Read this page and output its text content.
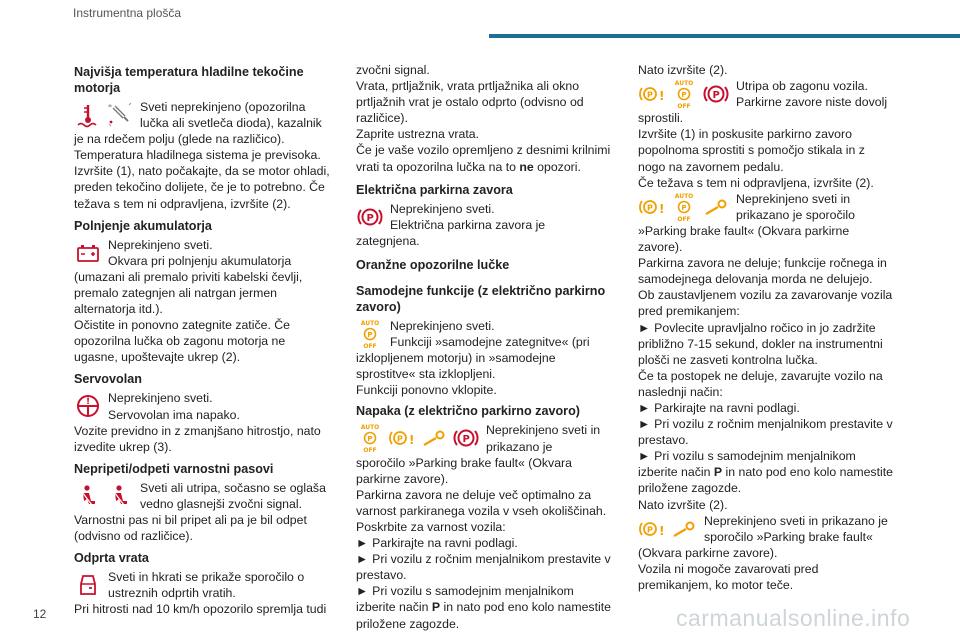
Instrumentna plošča
Najvišja temperatura hladilne tekočine motorja

Sveti neprekinjeno (opozorilna

lučka ali svetleča dioda), kazalnik

je na rdečem polju (glede na različico).
Temperatura hladilnega sistema je previsoka.
Izvršite (1), nato počakajte, da se motor ohladi, preden tekočino dolijete, če je to potrebno. Če težava s tem ni odpravljena, izvršite (2).

Polnjenje akumulatorja

Neprekinjeno sveti.

Okvara pri polnjenju akumulatorja

(umazani ali premalo priviti kabelski čevlji, premalo zategnjen ali natrgan jermen alternatorja itd.).
Očistite in ponovno zategnite zatiče. Če opozorilna lučka ob zagonu motorja ne ugasne, upoštevajte ukrep (2).

Servovolan
!	Neprekinjeno sveti.

Servovolan ima napako.

Vozite previdno in z zmanjšano hitrostjo, nato izvedite ukrep (3).

Nepripeti/odpeti varnostni pasovi

Sveti ali utripa, sočasno se oglaša

vedno glasnejši zvočni signal.

Varnostni pas ni bil pripet ali pa je bil odpet (odvisno od različice).

Odprta vrata

Sveti in hkrati se prikaže sporočilo o

ustreznih odprtih vratih.

Pri hitrosti nad 10 km/h opozorilo spremlja tudi

zvočni signal.
Vrata, prtljažnik, vrata prtljažnika ali okno prtljažnih vrat je ostalo odprto (odvisno od različice).
Zaprite ustrezna vrata.

Če je vaše vozilo opremljeno z desnimi krilnimi vrati ta opozorilna lučka na to ne opozori.

Električna parkirna zavora
P

Neprekinjeno sveti.

Električna parkirna zavora je zategnjena.

Oranžne opozorilne lučke
Samodejne funkcije (z električno parkirno zavoro)
AUTO
P
OFF

Neprekinjeno sveti.

Funkciji »samodejne zategnitve« (pri

izklopljenem motorju) in »samodejne sprostitve« sta izklopljeni.
Funkciji ponovno vklopite.

Napaka (z električno parkirno zavoro)
AUTO
P
OFF
P !	P

Neprekinjeno sveti in

prikazano je

sporočilo »Parking brake fault« (Okvara parkirne zavore).
Parkirna zavora ne deluje več optimalno za varnost parkiranega vozila v vseh okoliščinah.
Poskrbite za varnost vozila:

► Parkirajte na ravni podlagi.

► Pri vozilu z ročnim menjalnikom prestavite v prestavo.

► Pri vozilu s samodejnim menjalnikom izberite način P in nato pod eno kolo namestite priložene zagozde.

Nato izvršite (2).

P !
AUTO
P
OFF
P

Utripa ob zagonu vozila.

Parkirne zavore niste dovolj

sprostili.
Izvršite (1) in poskusite parkirno zavoro popolnoma sprostiti s pomočjo stikala in z nogo na zavornem pedalu.
Če težava s tem ni odpravljena, izvršite (2).

P !
AUTO
P
OFF

Neprekinjeno sveti in

prikazano je sporočilo

»Parking brake fault« (Okvara parkirne zavore).
Parkirna zavora ne deluje; funkcije ročnega in samodejnega delovanja morda ne delujejo.
Ob zaustavljenem vozilu za zavarovanje vozila pred premikanjem:

► Povlecite upravljalno ročico in jo zadržite približno 7-15 sekund, dokler na instrumentni plošči ne zasveti kontrolna lučka.

Če ta postopek ne deluje, zavarujte vozilo na naslednji način:

► Parkirajte na ravni podlagi.

► Pri vozilu z ročnim menjalnikom prestavite v prestavo.

► Pri vozilu s samodejnim menjalnikom izberite način P in nato pod eno kolo namestite priložene zagozde.

Nato izvršite (2).

P !

Neprekinjeno sveti in prikazano je

sporočilo »Parking brake fault«

(Okvara parkirne zavore).
Vozila ni mogoče zavarovati pred premikanjem, ko motor teče.

12	carmanualsonline.info
